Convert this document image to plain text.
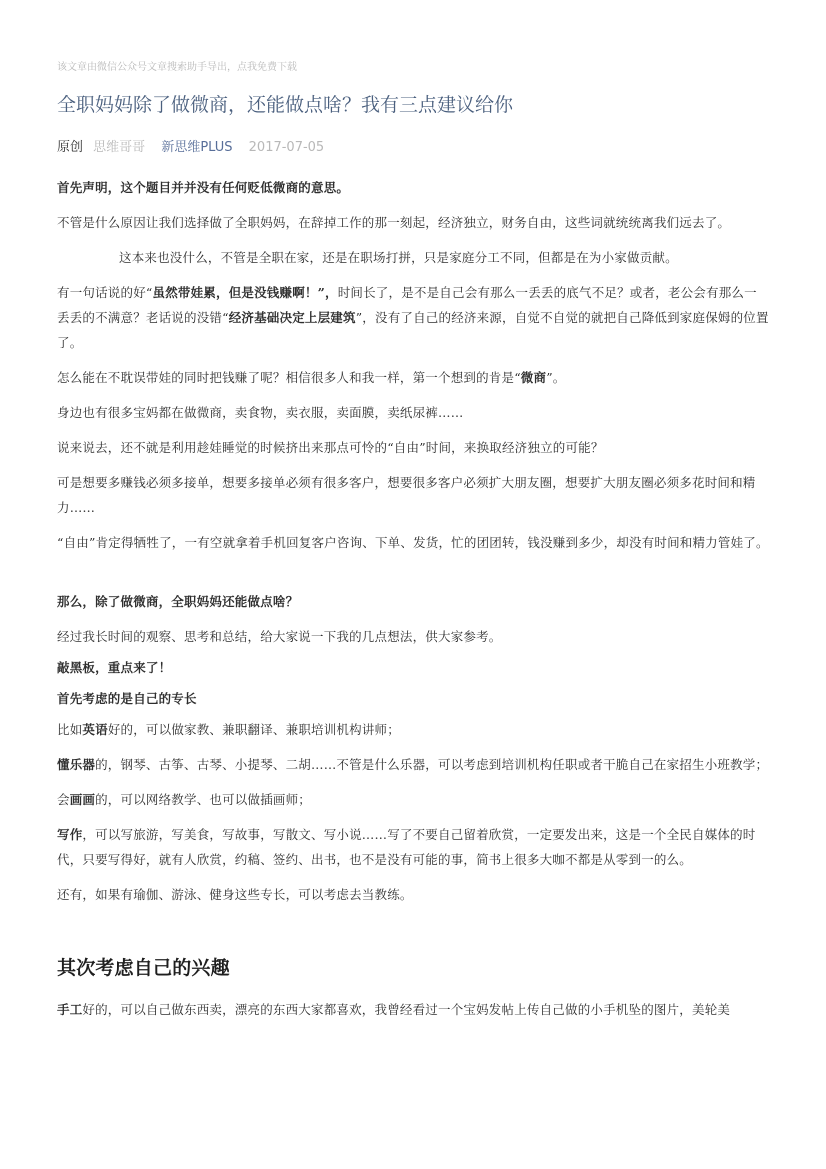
该文章由微信公众号文章搜索助手导出，点我免费下载

全职妈妈除了做微商，还能做点啥？我有三点建议给你
原创 思维哥哥 新思维PLUS 2017-07-05

首先声明，这个题目并并没有任何贬低微商的意思。

不管是什么原因让我们选择做了全职妈妈，在辞掉工作的那一刻起，经济独立，财务自由，这些词就统统离我们远去了。

这本来也没什么，不管是全职在家，还是在职场打拼，只是家庭分工不同，但都是在为小家做贡献。

有一句话说的好“虽然带娃累，但是没钱赚啊！”，时间长了，是不是自己会有那么一丢丢的底气不足？或者，老公会有那么一丢丢的不满意？老话说的没错“经济基础决定上层建筑”，没有了自己的经济来源，自觉不自觉的就把自己降低到家庭保姆的位置了。

怎么能在不耽误带娃的同时把钱赚了呢？相信很多人和我一样，第一个想到的肯是“微商”。

身边也有很多宝妈都在做微商，卖食物，卖衣服，卖面膜，卖纸尿裤……

说来说去，还不就是利用趁娃睡觉的时候挤出来那点可怜的“自由”时间，来换取经济独立的可能？

可是想要多赚钱必须多接单，想要多接单必须有很多客户，想要很多客户必须扩大朋友圈，想要扩大朋友圈必须多花时间和精力……

“自由”肯定得牺牲了，一有空就拿着手机回复客户咨询、下单、发货，忙的团团转，钱没赚到多少，却没有时间和精力管娃了。

那么，除了做微商，全职妈妈还能做点啥？

经过我长时间的观察、思考和总结，给大家说一下我的几点想法，供大家参考。

敲黑板，重点来了！

首先考虑的是自己的专长

比如英语好的，可以做家教、兼职翻译、兼职培训机构讲师；

懂乐器的，钢琴、古筝、古琴、小提琴、二胡……不管是什么乐器，可以考虑到培训机构任职或者干脆自己在家招生小班教学；

会画画的，可以网络教学、也可以做插画师；

写作，可以写旅游，写美食，写故事，写散文、写小说……写了不要自己留着欣赏，一定要发出来，这是一个全民自媒体的时代，只要写得好，就有人欣赏，约稿、签约、出书，也不是没有可能的事，简书上很多大咖不都是从零到一的么。

还有，如果有瑜伽、游泳、健身这些专长，可以考虑去当教练。

其次考虑自己的兴趣

手工好的，可以自己做东西卖，漂亮的东西大家都喜欢，我曾经看过一个宝妈发帖上传自己做的小手机坠的图片，美轮美
